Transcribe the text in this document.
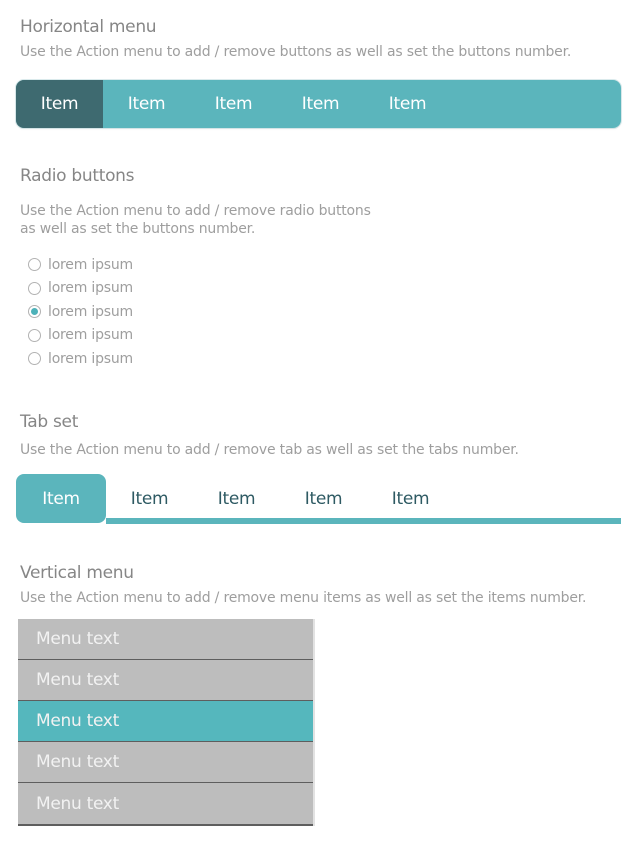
Horizontal menu
Use the Action menu to add / remove buttons as well as set the buttons number.
Item	Item	Item	Item	Item
Radio buttons
Use the Action menu to add / remove radio buttons
as well as set the buttons number.
lorem ipsum
lorem ipsum
lorem ipsum
lorem ipsum
lorem ipsum
Tab set
Use the Action menu to add / remove tab as well as set the tabs number.
Item	Item	Item	Item	Item
Vertical menu
Use the Action menu to add / remove menu items as well as set the items number.
Menu text
Menu text
Menu text
Menu text
Menu text
